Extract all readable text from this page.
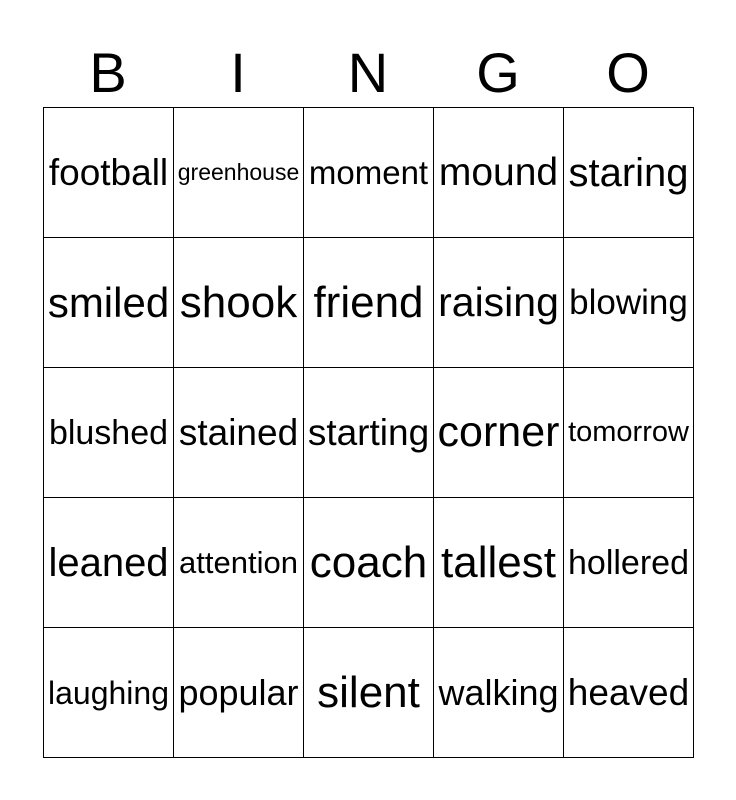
B	I	N	G	O
football greenhouse moment mound staring
smiled shook friend raising blowing
blushed stained starting corner tomorrow
leaned attention coach tallest hollered
laughing popular silent walking heaved
